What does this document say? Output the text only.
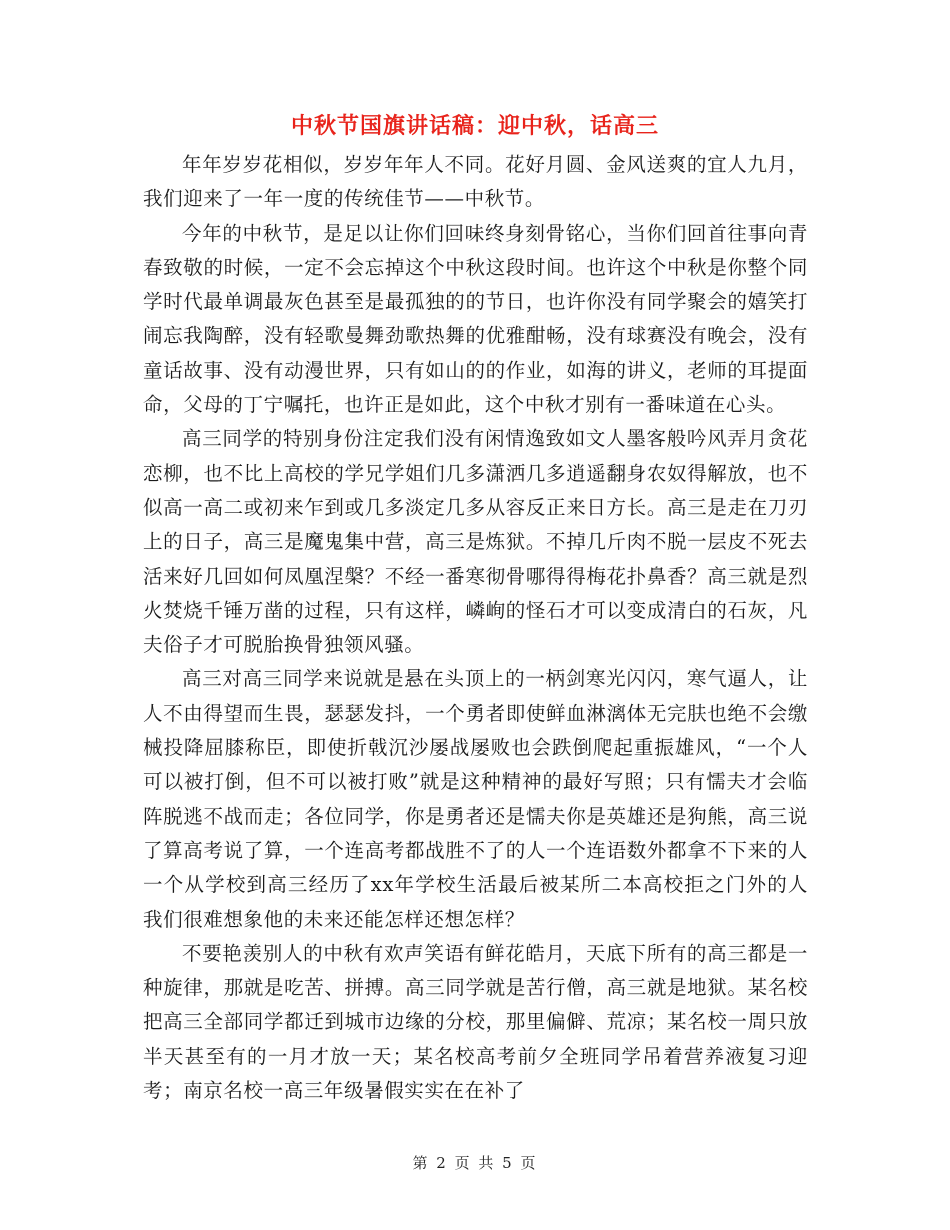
中秋节国旗讲话稿：迎中秋，话高三

年年岁岁花相似，岁岁年年人不同。花好月圆、金风送爽的宜人九月，我们迎来了一年一度的传统佳节——中秋节。

今年的中秋节，是足以让你们回味终身刻骨铭心，当你们回首往事向青春致敬的时候，一定不会忘掉这个中秋这段时间。也许这个中秋是你整个同学时代最单调最灰色甚至是最孤独的的节日，也许你没有同学聚会的嬉笑打闹忘我陶醉，没有轻歌曼舞劲歌热舞的优雅酣畅，没有球赛没有晚会，没有童话故事、没有动漫世界，只有如山的的作业，如海的讲义，老师的耳提面命，父母的丁宁嘱托，也许正是如此，这个中秋才别有一番味道在心头。

高三同学的特别身份注定我们没有闲情逸致如文人墨客般吟风弄月贪花恋柳，也不比上高校的学兄学姐们几多潇洒几多逍遥翻身农奴得解放，也不似高一高二或初来乍到或几多淡定几多从容反正来日方长。高三是走在刀刃上的日子，高三是魔鬼集中营，高三是炼狱。不掉几斤肉不脱一层皮不死去活来好几回如何凤凰涅槃？不经一番寒彻骨哪得得梅花扑鼻香？高三就是烈火焚烧千锤万凿的过程，只有这样，嶙峋的怪石才可以变成清白的石灰，凡夫俗子才可脱胎换骨独领风骚。

高三对高三同学来说就是悬在头顶上的一柄剑寒光闪闪，寒气逼人，让人不由得望而生畏，瑟瑟发抖，一个勇者即使鲜血淋漓体无完肤也绝不会缴械投降屈膝称臣，即使折戟沉沙屡战屡败也会跌倒爬起重振雄风，“一个人可以被打倒，但不可以被打败”就是这种精神的最好写照；只有懦夫才会临阵脱逃不战而走；各位同学，你是勇者还是懦夫你是英雄还是狗熊，高三说了算高考说了算，一个连高考都战胜不了的人一个连语数外都拿不下来的人一个从学校到高三经历了xx年学校生活最后被某所二本高校拒之门外的人我们很难想象他的未来还能怎样还想怎样？

不要艳羡别人的中秋有欢声笑语有鲜花皓月，天底下所有的高三都是一种旋律，那就是吃苦、拼搏。高三同学就是苦行僧，高三就是地狱。某名校把高三全部同学都迁到城市边缘的分校，那里偏僻、荒凉；某名校一周只放半天甚至有的一月才放一天；某名校高考前夕全班同学吊着营养液复习迎考；南京名校一高三年级暑假实实在在补了

第 2 页 共 5 页
